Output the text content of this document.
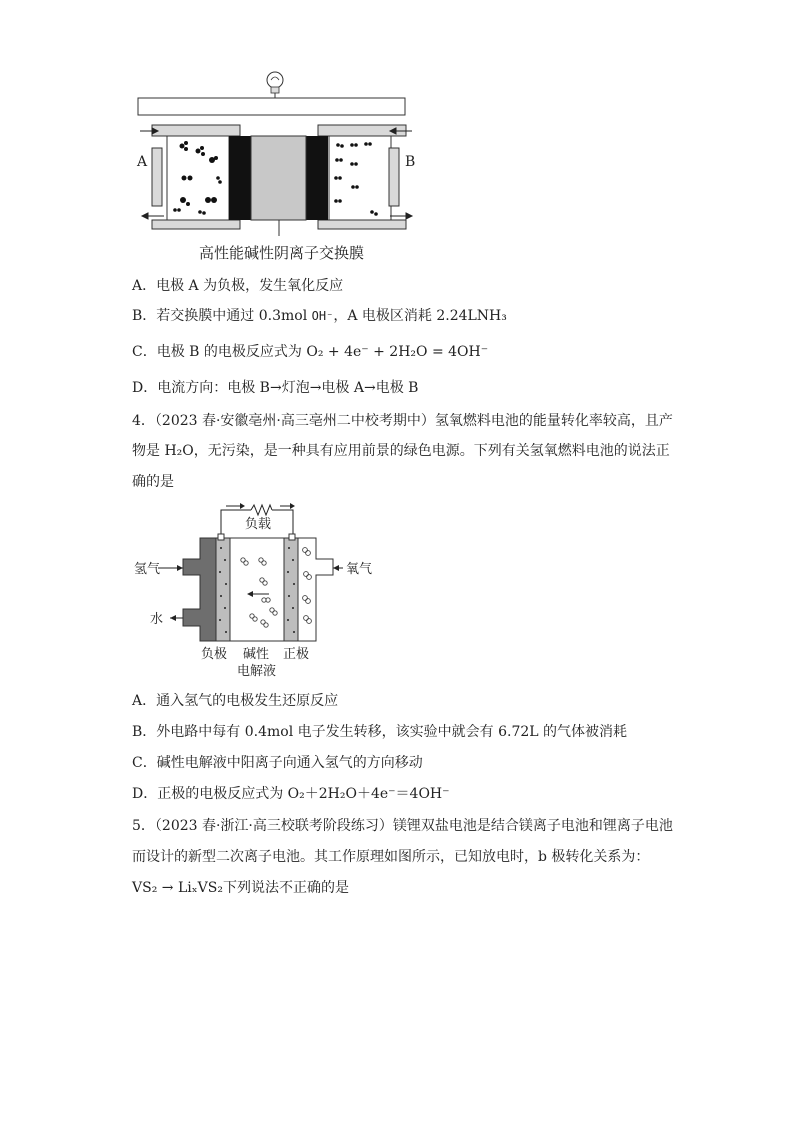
A	B
高性能碱性阴离子交换膜
A．电极 A 为负极，发生氧化反应
B．若交换膜中通过 0.3mol OH⁻，A 电极区消耗 2.24LNH₃
C．电极 B 的电极反应式为 O₂ + 4e⁻ + 2H₂O = 4OH⁻
D．电流方向：电极 B→灯泡→电极 A→电极 B
4．（2023 春·安徽亳州·高三亳州二中校考期中）氢氧燃料电池的能量转化率较高，且产
物是 H₂O，无污染，是一种具有应用前景的绿色电源。下列有关氢氧燃料电池的说法正
确的是
负载
氢气
水
氧气
负极 碱性
电解液
正极
A．通入氢气的电极发生还原反应
B．外电路中每有 0.4mol 电子发生转移，该实验中就会有 6.72L 的气体被消耗
C．碱性电解液中阳离子向通入氢气的方向移动
D．正极的电极反应式为 O₂＋2H₂O＋4e⁻＝4OH⁻
5．（2023 春·浙江·高三校联考阶段练习）镁锂双盐电池是结合镁离子电池和锂离子电池
而设计的新型二次离子电池。其工作原理如图所示，已知放电时，b 极转化关系为：
VS₂ → LiₓVS₂下列说法不正确的是
